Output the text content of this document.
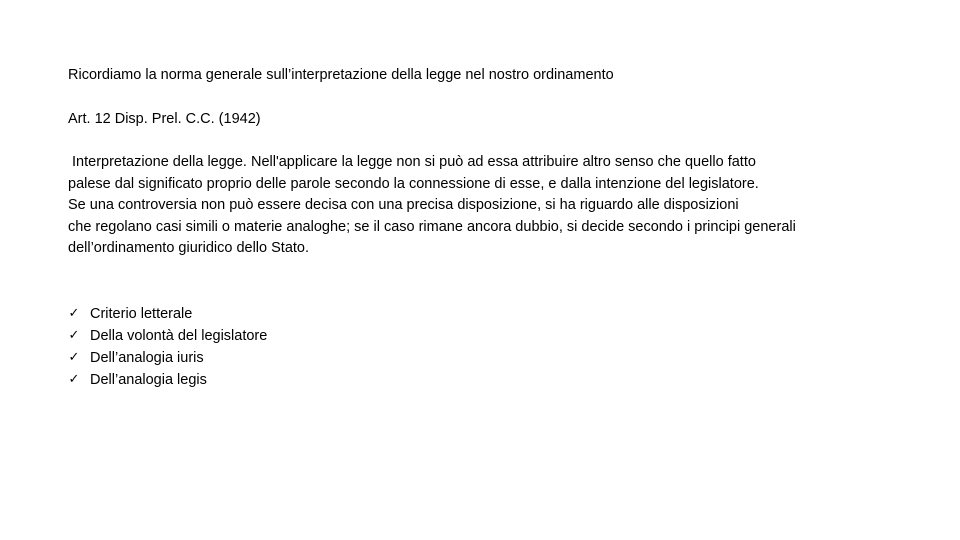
Ricordiamo la norma generale sull’interpretazione della legge nel nostro ordinamento
Art. 12 Disp. Prel. C.C. (1942)
Interpretazione della legge. Nell'applicare la legge non si può ad essa attribuire altro senso che quello fatto
palese dal significato proprio delle parole secondo la connessione di esse, e dalla intenzione del legislatore.
Se una controversia non può essere decisa con una precisa disposizione, si ha riguardo alle disposizioni
che regolano casi simili o materie analoghe; se il caso rimane ancora dubbio, si decide secondo i principi generali
dell’ordinamento giuridico dello Stato.
✓ Criterio letterale
✓ Della volontà del legislatore
✓ Dell’analogia iuris
✓ Dell’analogia legis
